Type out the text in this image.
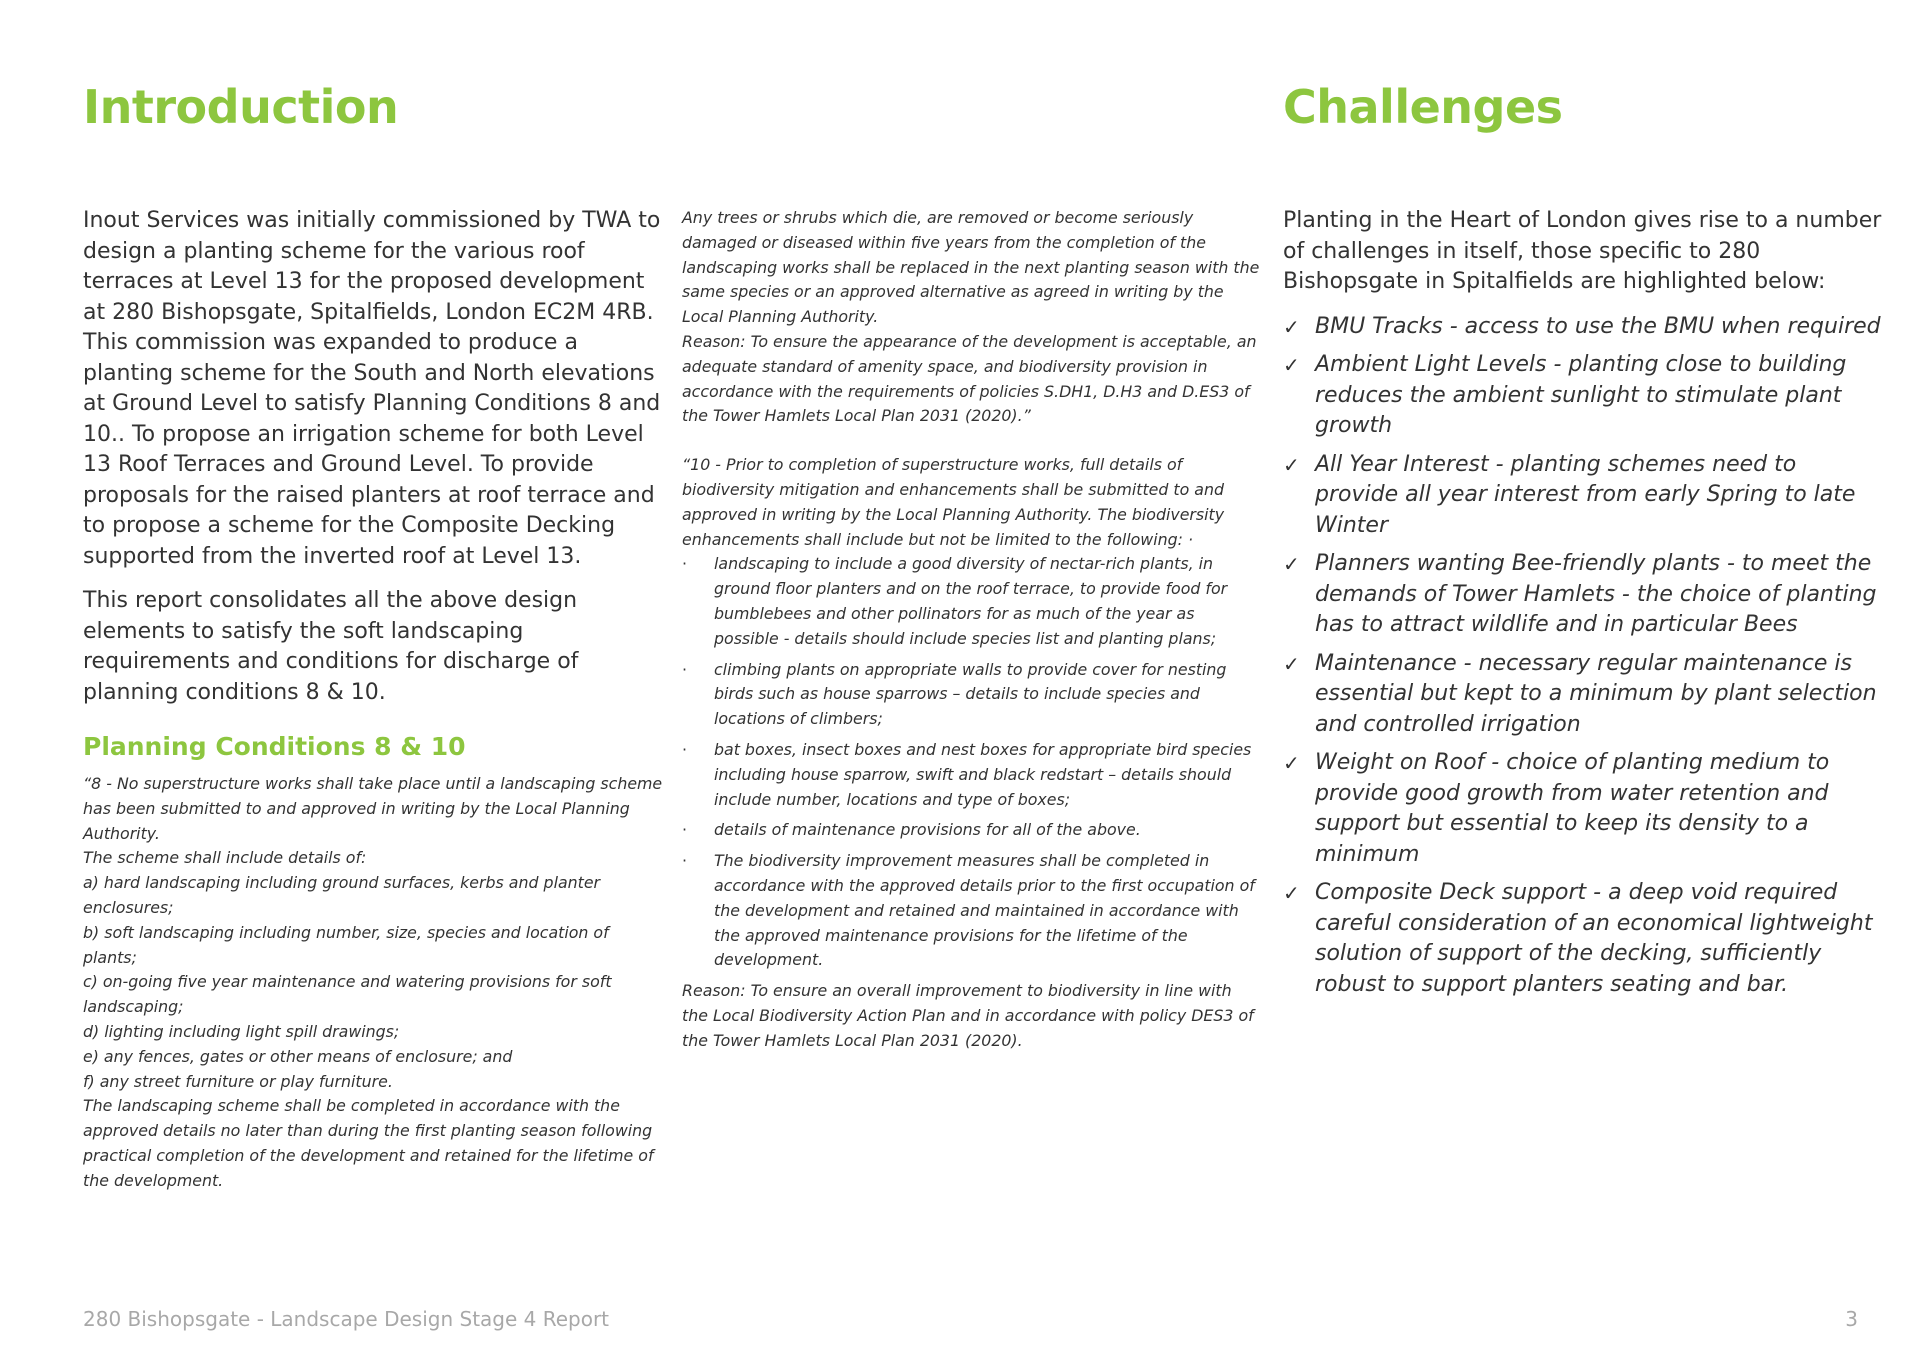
Introduction	Challenges

Inout Services was initially commissioned by TWA to design a planting scheme for the various roof terraces at Level 13 for the proposed development at 280 Bishopsgate, Spitalfields, London EC2M 4RB.

This commission was expanded to produce a planting scheme for the South and North elevations at Ground Level to satisfy Planning Conditions 8 and 10.. To propose an irrigation scheme for both Level 13 Roof Terraces and Ground Level. To provide proposals for the raised planters at roof terrace and to propose a scheme for the Composite Decking supported from the inverted roof at Level 13.

This report consolidates all the above design elements to satisfy the soft landscaping requirements and conditions for discharge of planning conditions 8 & 10.

Planning Conditions 8 & 10

“8 - No superstructure works shall take place until a landscaping scheme has been submitted to and approved in writing by the Local Planning Authority.

The scheme shall include details of:

a) hard landscaping including ground surfaces, kerbs and planter enclosures;

b) soft landscaping including number, size, species and location of plants;

c) on-going five year maintenance and watering provisions for soft landscaping;

d) lighting including light spill drawings;

e) any fences, gates or other means of enclosure; and

f) any street furniture or play furniture.

The landscaping scheme shall be completed in accordance with the approved details no later than during the first planting season following practical completion of the development and retained for the lifetime of the development.

Any trees or shrubs which die, are removed or become seriously damaged or diseased within five years from the completion of the landscaping works shall be replaced in the next planting season with the same species or an approved alternative as agreed in writing by the Local Planning Authority.

Reason: To ensure the appearance of the development is acceptable, an adequate standard of amenity space, and biodiversity provision in accordance with the requirements of policies S.DH1, D.H3 and D.ES3 of the Tower Hamlets Local Plan 2031 (2020).”

“10 - Prior to completion of superstructure works, full details of biodiversity mitigation and enhancements shall be submitted to and approved in writing by the Local Planning Authority. The biodiversity enhancements shall include but not be limited to the following: ·

· landscaping to include a good diversity of nectar-rich plants, in ground floor planters and on the roof terrace, to provide food for bumblebees and other pollinators for as much of the year as possible - details should include species list and planting plans;
· climbing plants on appropriate walls to provide cover for nesting birds such as house sparrows – details to include species and locations of climbers;
· bat boxes, insect boxes and nest boxes for appropriate bird species including house sparrow, swift and black redstart – details should include number, locations and type of boxes;
· details of maintenance provisions for all of the above.
· The biodiversity improvement measures shall be completed in accordance with the approved details prior to the first occupation of the development and retained and maintained in accordance with the approved maintenance provisions for the lifetime of the development.

Reason: To ensure an overall improvement to biodiversity in line with the Local Biodiversity Action Plan and in accordance with policy DES3 of the Tower Hamlets Local Plan 2031 (2020).

Planting in the Heart of London gives rise to a number of challenges in itself, those specific to 280 Bishopsgate in Spitalfields are highlighted below:

✓ BMU Tracks - access to use the BMU when required
✓ Ambient Light Levels - planting close to building reduces the ambient sunlight to stimulate plant growth
✓ All Year Interest - planting schemes need to provide all year interest from early Spring to late Winter
✓ Planners wanting Bee-friendly plants - to meet the demands of Tower Hamlets - the choice of planting has to attract wildlife and in particular Bees
✓ Maintenance - necessary regular maintenance is essential but kept to a minimum by plant selection and controlled irrigation
✓ Weight on Roof - choice of planting medium to provide good growth from water retention and support but essential to keep its density to a minimum
✓ Composite Deck support - a deep void required careful consideration of an economical lightweight solution of support of the decking, sufficiently robust to support planters seating and bar.
280 Bishopsgate - Landscape Design Stage 4 Report	3
